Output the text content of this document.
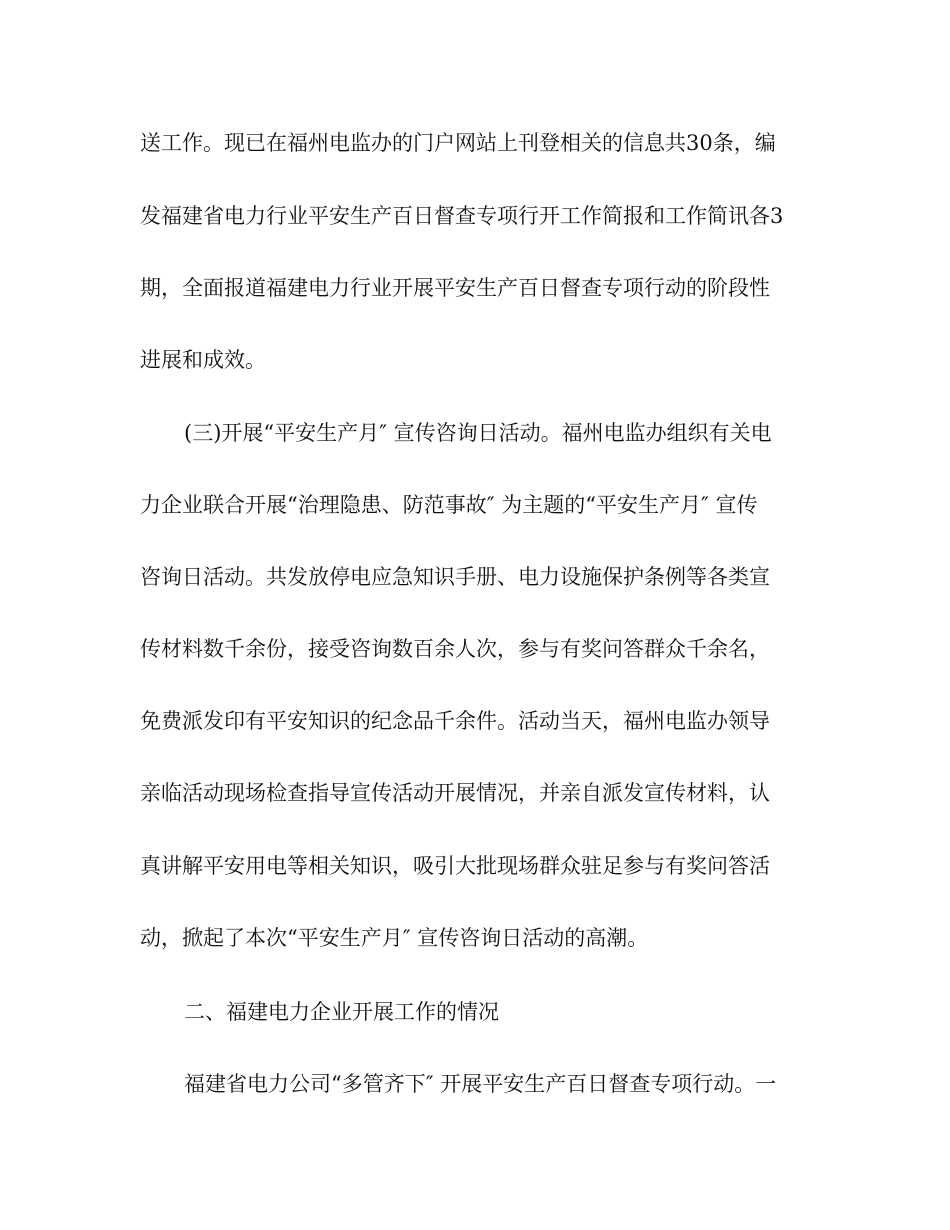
送工作。现已在福州电监办的门户网站上刊登相关的信息共30条，编
发福建省电力行业平安生产百日督查专项行开工作简报和工作简讯各3
期，全面报道福建电力行业开展平安生产百日督查专项行动的阶段性
进展和成效。
(三)开展“平安生产月″ 宣传咨询日活动。福州电监办组织有关电
力企业联合开展“治理隐患、防范事故″ 为主题的“平安生产月″ 宣传
咨询日活动。共发放停电应急知识手册、电力设施保护条例等各类宣
传材料数千余份，接受咨询数百余人次，参与有奖问答群众千余名，
免费派发印有平安知识的纪念品千余件。活动当天，福州电监办领导
亲临活动现场检查指导宣传活动开展情况，并亲自派发宣传材料，认
真讲解平安用电等相关知识，吸引大批现场群众驻足参与有奖问答活
动，掀起了本次“平安生产月″ 宣传咨询日活动的高潮。
二、福建电力企业开展工作的情况
福建省电力公司“多管齐下″ 开展平安生产百日督查专项行动。一
